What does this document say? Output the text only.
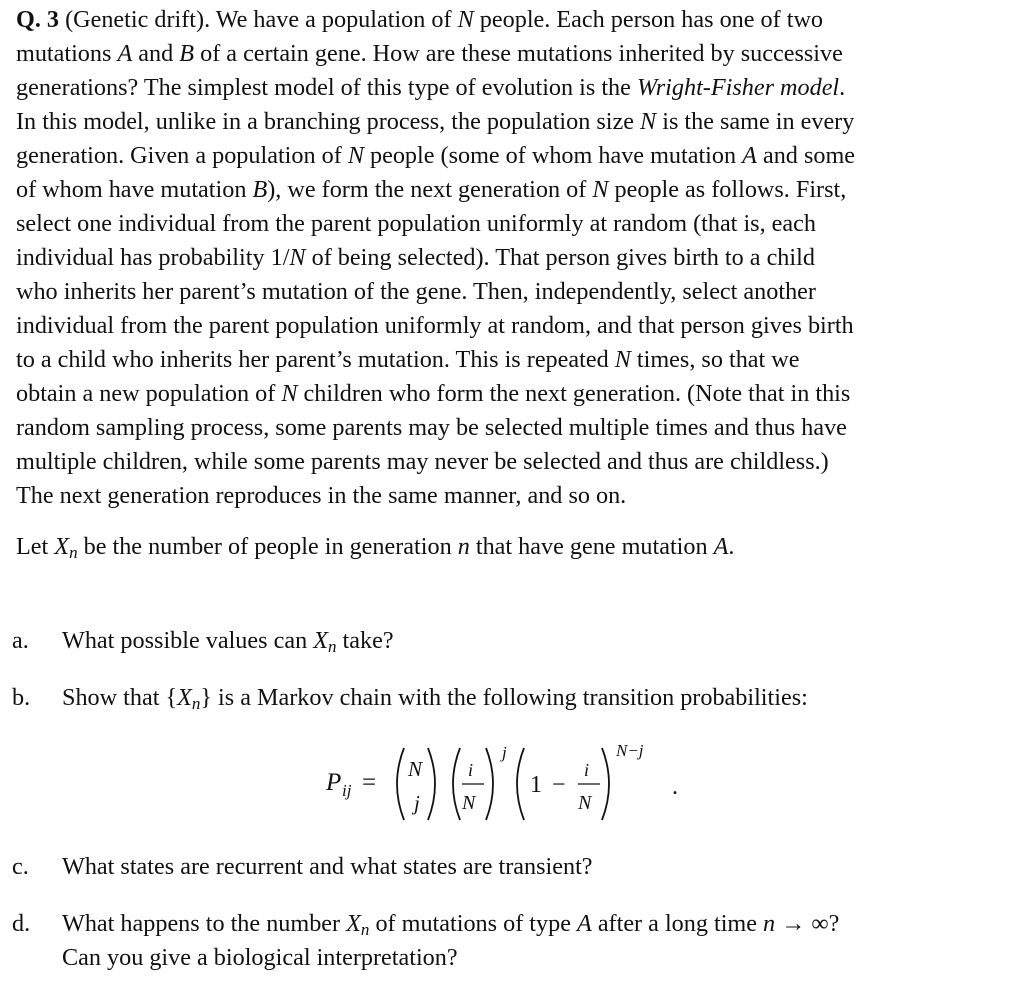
Q. 3 (Genetic drift). We have a population of N people. Each person has one of two
mutations A and B of a certain gene. How are these mutations inherited by successive
generations? The simplest model of this type of evolution is the Wright-Fisher model.
In this model, unlike in a branching process, the population size N is the same in every
generation. Given a population of N people (some of whom have mutation A and some
of whom have mutation B), we form the next generation of N people as follows. First,
select one individual from the parent population uniformly at random (that is, each
individual has probability 1/N of being selected). That person gives birth to a child
who inherits her parent’s mutation of the gene. Then, independently, select another
individual from the parent population uniformly at random, and that person gives birth
to a child who inherits her parent’s mutation. This is repeated N times, so that we
obtain a new population of N children who form the next generation. (Note that in this
random sampling process, some parents may be selected multiple times and thus have
multiple children, while some parents may never be selected and thus are childless.)
The next generation reproduces in the same manner, and so on.
Let $X_n$ be the number of people in generation n that have gene mutation A.
a.	What possible values can $X_n$ take?
b.	Show that $\{X_n\}$ is a Markov chain with the following transition probabilities:
P ij = N
j
i
N
j
1 −
i
N
N−j
.
c.	What states are recurrent and what states are transient?
d.	What happens to the number $X_n$ of mutations of type A after a long time n → ∞?
Can you give a biological interpretation?
